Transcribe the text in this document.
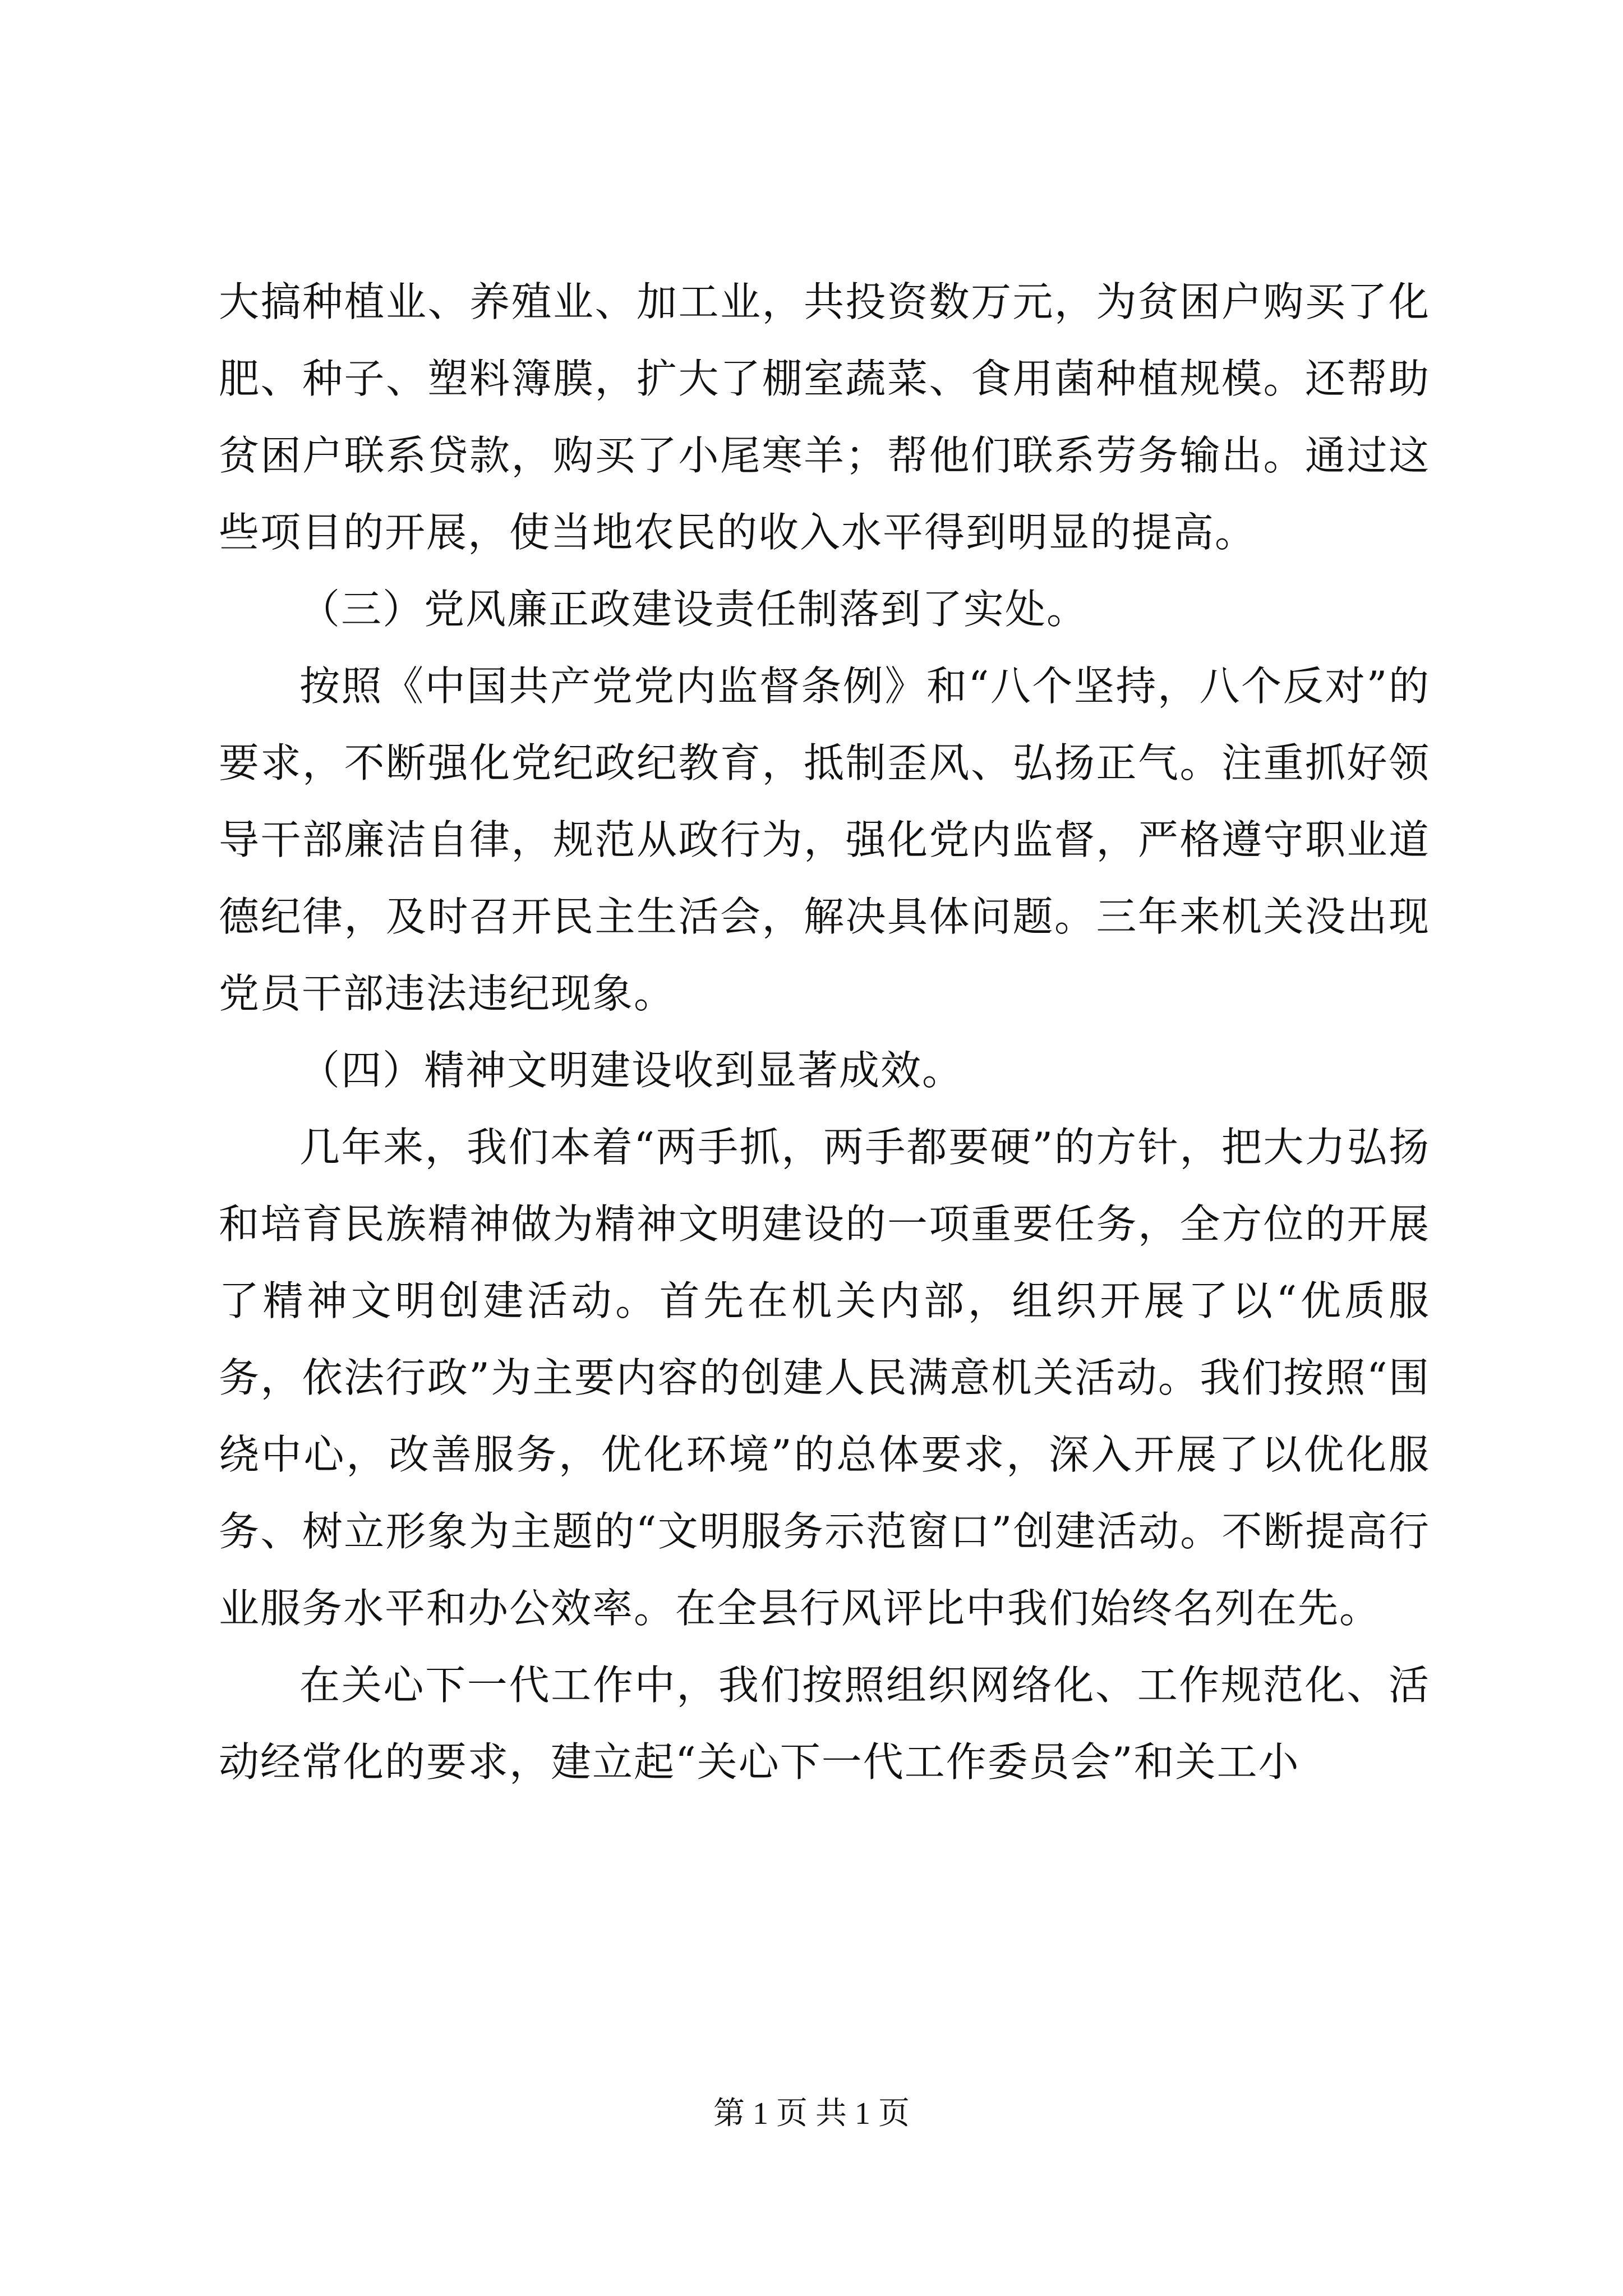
大搞种植业、养殖业、加工业，共投资数万元，为贫困户购买了化肥、种子、塑料簿膜，扩大了棚室蔬菜、食用菌种植规模。还帮助贫困户联系贷款，购买了小尾寒羊；帮他们联系劳务输出。通过这些项目的开展，使当地农民的收入水平得到明显的提高。

（三）党风廉正政建设责任制落到了实处。

按照《中国共产党党内监督条例》和“八个坚持，八个反对”的要求，不断强化党纪政纪教育，抵制歪风、弘扬正气。注重抓好领导干部廉洁自律，规范从政行为，强化党内监督，严格遵守职业道德纪律，及时召开民主生活会，解决具体问题。三年来机关没出现党员干部违法违纪现象。

（四）精神文明建设收到显著成效。

几年来，我们本着“两手抓，两手都要硬”的方针，把大力弘扬和培育民族精神做为精神文明建设的一项重要任务，全方位的开展了精神文明创建活动。首先在机关内部，组织开展了以“优质服务，依法行政”为主要内容的创建人民满意机关活动。我们按照“围绕中心，改善服务，优化环境”的总体要求，深入开展了以优化服务、树立形象为主题的“文明服务示范窗口”创建活动。不断提高行业服务水平和办公效率。在全县行风评比中我们始终名列在先。

在关心下一代工作中，我们按照组织网络化、工作规范化、活动经常化的要求，建立起“关心下一代工作委员会”和关工小

第 1 页 共 1 页
